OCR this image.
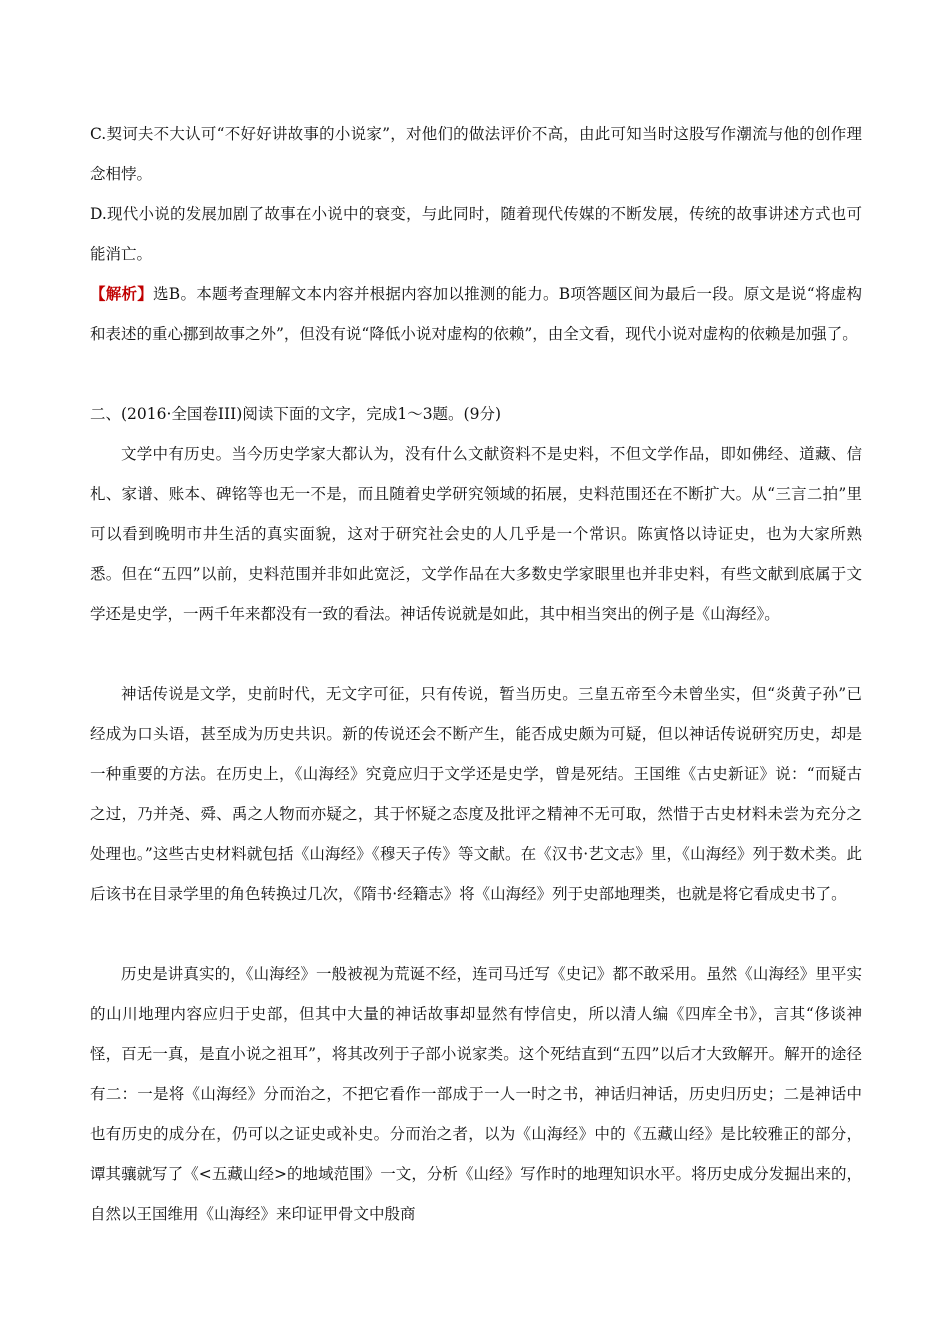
C.契诃夫不大认可“不好好讲故事的小说家”，对他们的做法评价不高，由此可知当时这股写作潮流与他的创作理念相悖。

D.现代小说的发展加剧了故事在小说中的衰变，与此同时，随着现代传媒的不断发展，传统的故事讲述方式也可能消亡。

【解析】选B。本题考查理解文本内容并根据内容加以推测的能力。B项答题区间为最后一段。原文是说“将虚构和表述的重心挪到故事之外”，但没有说“降低小说对虚构的依赖”，由全文看，现代小说对虚构的依赖是加强了。

二、(2016·全国卷III)阅读下面的文字，完成1～3题。(9分)

文学中有历史。当今历史学家大都认为，没有什么文献资料不是史料，不但文学作品，即如佛经、道藏、信札、家谱、账本、碑铭等也无一不是，而且随着史学研究领域的拓展，史料范围还在不断扩大。从“三言二拍”里可以看到晚明市井生活的真实面貌，这对于研究社会史的人几乎是一个常识。陈寅恪以诗证史，也为大家所熟悉。但在“五四”以前，史料范围并非如此宽泛，文学作品在大多数史学家眼里也并非史料，有些文献到底属于文学还是史学，一两千年来都没有一致的看法。神话传说就是如此，其中相当突出的例子是《山海经》。

神话传说是文学，史前时代，无文字可征，只有传说，暂当历史。三皇五帝至今未曾坐实，但“炎黄子孙”已经成为口头语，甚至成为历史共识。新的传说还会不断产生，能否成史颇为可疑，但以神话传说研究历史，却是一种重要的方法。在历史上，《山海经》究竟应归于文学还是史学，曾是死结。王国维《古史新证》说：“而疑古之过，乃并尧、舜、禹之人物而亦疑之，其于怀疑之态度及批评之精神不无可取，然惜于古史材料未尝为充分之处理也。”这些古史材料就包括《山海经》《穆天子传》等文献。在《汉书·艺文志》里，《山海经》列于数术类。此后该书在目录学里的角色转换过几次，《隋书·经籍志》将《山海经》列于史部地理类，也就是将它看成史书了。

历史是讲真实的，《山海经》一般被视为荒诞不经，连司马迁写《史记》都不敢采用。虽然《山海经》里平实的山川地理内容应归于史部，但其中大量的神话故事却显然有悖信史，所以清人编《四库全书》，言其“侈谈神怪，百无一真，是直小说之祖耳”，将其改列于子部小说家类。这个死结直到“五四”以后才大致解开。解开的途径有二：一是将《山海经》分而治之，不把它看作一部成于一人一时之书，神话归神话，历史归历史；二是神话中也有历史的成分在，仍可以之证史或补史。分而治之者，以为《山海经》中的《五藏山经》是比较雅正的部分，谭其骧就写了《<五藏山经>的地域范围》一文，分析《山经》写作时的地理知识水平。将历史成分发掘出来的，自然以王国维用《山海经》来印证甲骨文中殷商
